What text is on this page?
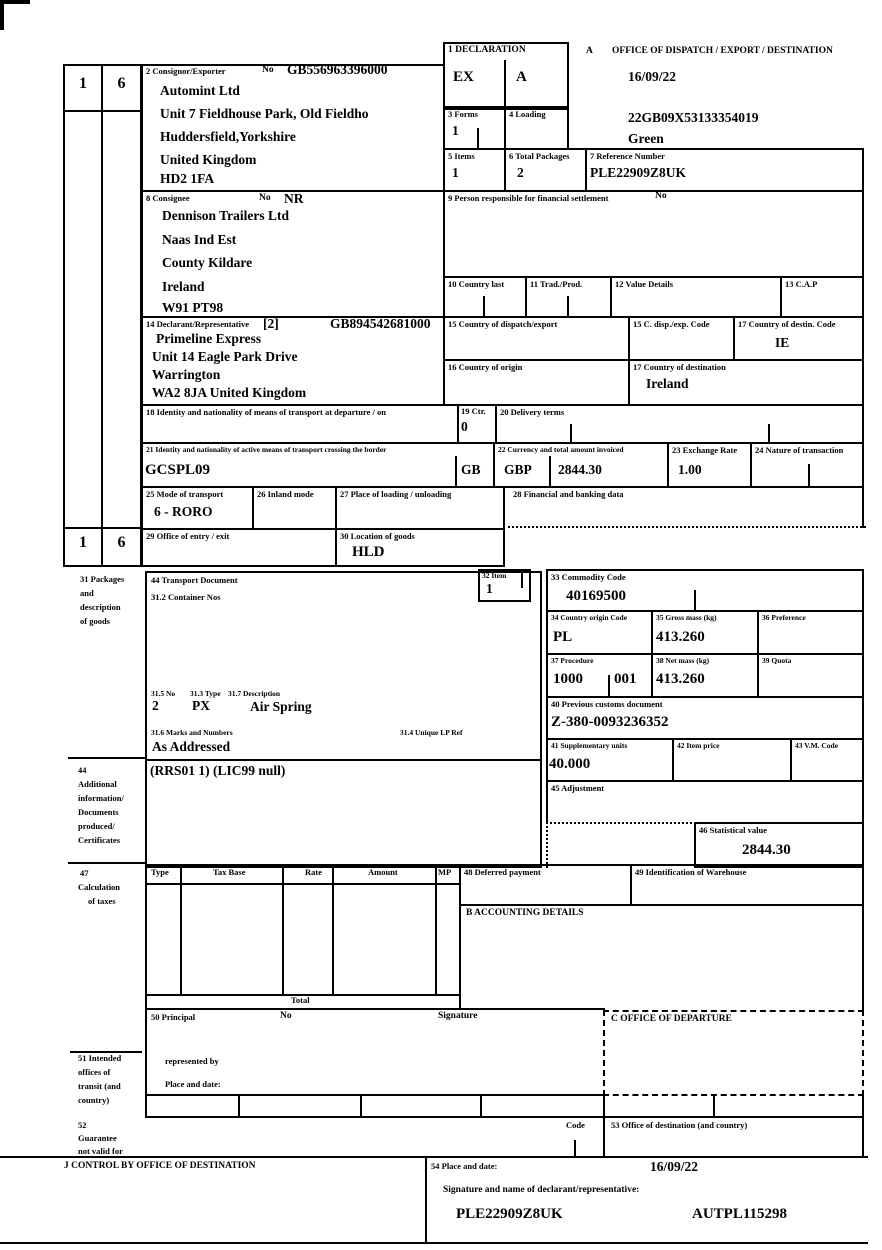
1	6
1	6
2 Consignor/Exporter	No GB556963396000
Automint Ltd
Unit 7 Fieldhouse Park, Old Fieldho
Huddersfield,Yorkshire
United Kingdom
HD2 1FA
1 DECLARATION
EX	A
3 Forms
1
4 Loading
5 Items
1
6 Total Packages
2
7 Reference Number
PLE22909Z8UK
A OFFICE OF DISPATCH / EXPORT / DESTINATION
16/09/22
22GB09X53133354019
Green
8 Consignee	No NR
Dennison Trailers Ltd
Naas Ind Est
County Kildare
Ireland
W91 PT98
9 Person responsible for financial settlement	No
10 Country last	11 Trad./Prod.	12 Value Details	13 C.A.P
14 Declarant/Representative [2]	GB894542681000
Primeline Express
Unit 14 Eagle Park Drive
Warrington
WA2 8JA United Kingdom
15 Country of dispatch/export	15 C. disp./exp. Code	17 Country of destin. Code
IE
16 Country of origin	17 Country of destination
Ireland
18 Identity and nationality of means of transport at departure / on	19 Ctr.
0
20 Delivery terms
21 Identity and nationality of active means of transport crossing the border
GCSPL09	GB
22 Currency and total amount invoiced
GBP 2844.30
23 Exchange Rate
1.00
24 Nature of transaction
25 Mode of transport
6 - RORO
26 Inland mode	27 Place of loading / unloading	28 Financial and banking data
29 Office of entry / exit	30 Location of goods
HLD
31 Packages
and
description
of goods
44 Transport Document
31.2 Container Nos
31.5 No 31.3 Type 31.7 Description
2 PX	Air Spring
31.6 Marks and Numbers	31.4 Unique LP Ref
As Addressed
32 Item
1
33 Commodity Code
40169500
34 Country origin Code
PL
35 Gross mass (kg)
413.260
36 Preference
37 Procedure
1000 001
38 Net mass (kg)
413.260
39 Quota
40 Previous customs document
Z-380-0093236352
41 Supplementary units
40.000
42 Item price	43 V.M. Code
45 Adjustment
46 Statistical value
2844.30
44
Additional
information/
Documents
produced/
Certificates
(RRS01 1) (LIC99 null)
47
Calculation
of taxes
Type	Tax Base	Rate	Amount	MP
Total
48 Deferred payment	49 Identification of Warehouse
B ACCOUNTING DETAILS
50 Principal	No	Signature
represented by
Place and date:
51 Intended
offices of
transit (and
country)
C OFFICE OF DEPARTURE
52
Guarantee
not valid for
Code	53 Office of destination (and country)
J CONTROL BY OFFICE OF DESTINATION	54 Place and date:	16/09/22
Signature and name of declarant/representative:
PLE22909Z8UK	AUTPL115298
